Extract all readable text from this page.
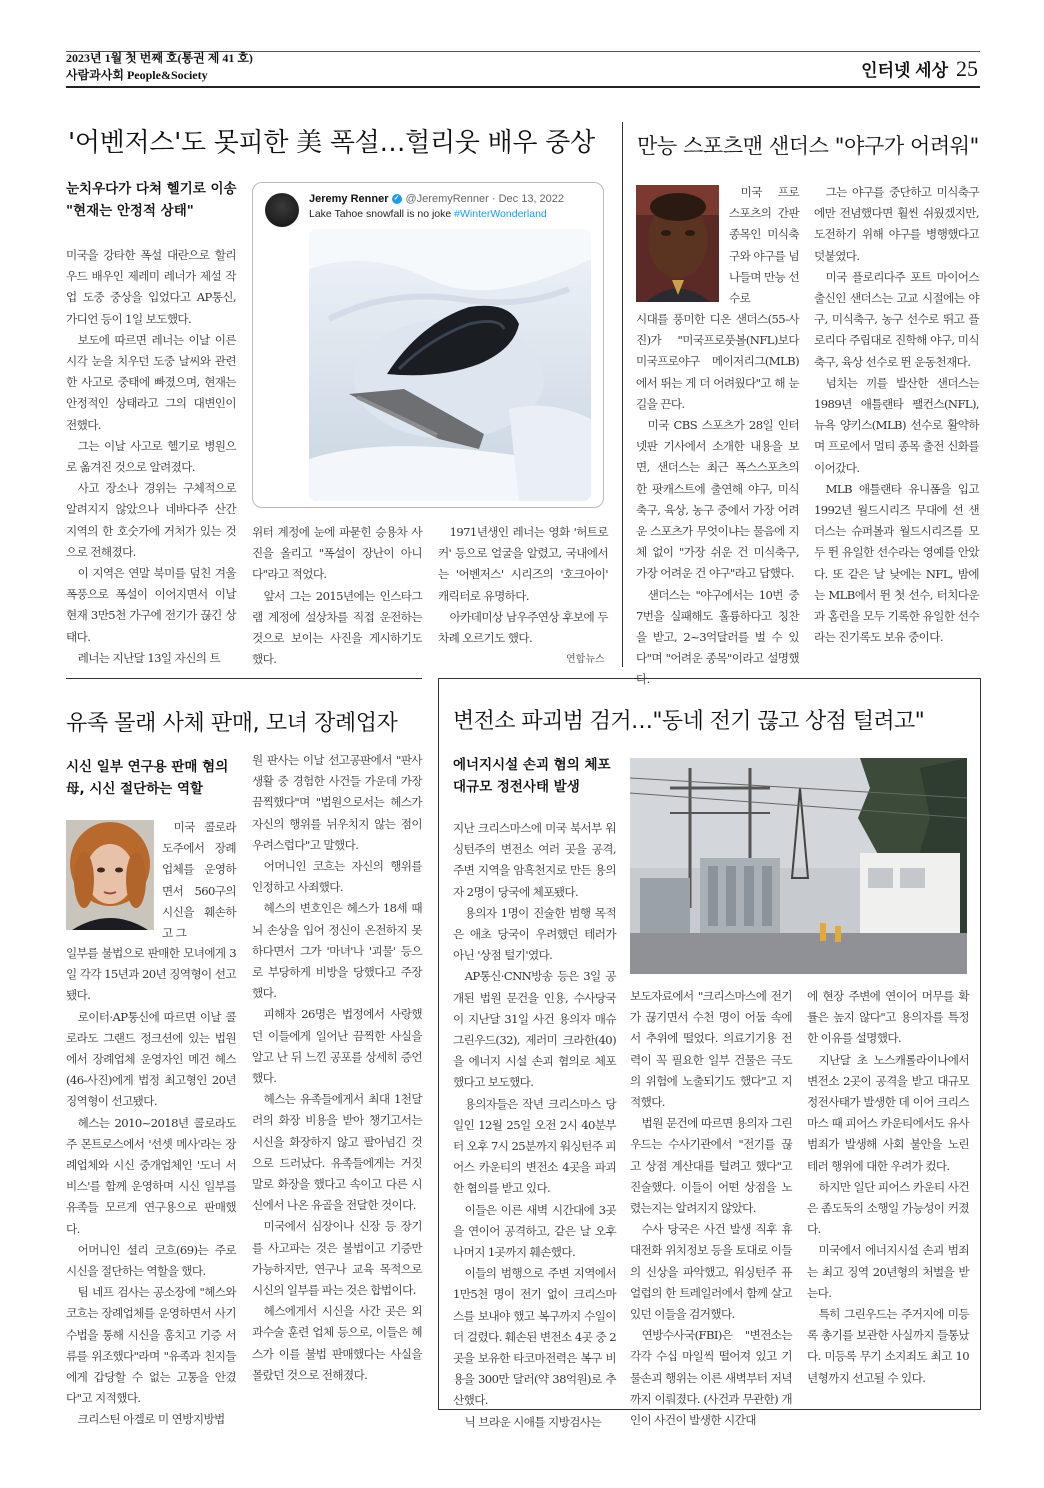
2023년 1월 첫 번째 호(통권 제 41 호)
사람과사회 People&Society	인터넷 세상 25
'어벤저스'도 못피한 美 폭설…헐리웃 배우 중상
눈치우다가 다쳐 헬기로 이송 "현재는 안정적 상태"

미국을 강타한 폭설 대란으로 할리우드 배우인 제레미 레너가 제설 작업 도중 중상을 입었다고 AP통신, 가디언 등이 1일 보도했다.

보도에 따르면 레너는 이날 이른 시각 눈을 치우던 도중 날씨와 관련한 사고로 중태에 빠졌으며, 현재는 안정적인 상태라고 그의 대변인이 전했다.

그는 이날 사고로 헬기로 병원으로 옮겨진 것으로 알려졌다.

사고 장소나 경위는 구체적으로 알려지지 않았으나 네바다주 산간 지역의 한 호숫가에 거처가 있는 것으로 전해졌다.

이 지역은 연말 북미를 덮친 겨울 폭풍으로 폭설이 이어지면서 이날 현재 3만5천 가구에 전기가 끊긴 상태다.

레너는 지난달 13일 자신의 트

Jeremy Renner ✓ @JeremyRenner · Dec 13, 2022
Lake Tahoe snowfall is no joke #WinterWonderland

위터 계정에 눈에 파묻힌 승용차 사진을 올리고 "폭설이 장난이 아니다"라고 적었다.

앞서 그는 2015년에는 인스타그램 계정에 설상차를 직접 운전하는 것으로 보이는 사진을 게시하기도 했다.

1971년생인 레너는 영화 '허트로커' 등으로 얼굴을 알렸고, 국내에서는 '어벤저스' 시리즈의 '호크아이' 캐릭터로 유명하다.

아카데미상 남우주연상 후보에 두차례 오르기도 했다.

연합뉴스
만능 스포츠맨 샌더스 "야구가 어려워"

미국 프로 스포츠의 간판 종목인 미식축구와 야구를 넘나들며 만능 선수로

시대를 풍미한 디온 샌더스(55-사진)가 "미국프로풋볼(NFL)보다 미국프로야구 메이저리그(MLB)에서 뛰는 게 더 어려웠다"고 해 눈길을 끈다.

미국 CBS 스포츠가 28일 인터넷판 기사에서 소개한 내용을 보면, 샌더스는 최근 폭스스포츠의 한 팟캐스트에 출연해 야구, 미식축구, 육상, 농구 중에서 가장 어려운 스포츠가 무엇이냐는 물음에 지체 없이 "가장 쉬운 건 미식축구, 가장 어려운 건 야구"라고 답했다.

샌더스는 "야구에서는 10번 중 7번을 실패해도 훌륭하다고 칭찬을 받고, 2~3억달러를 벌 수 있다"며 "어려운 종목"이라고 설명했다.

그는 야구를 중단하고 미식축구에만 전념했다면 훨씬 쉬웠겠지만, 도전하기 위해 야구를 병행했다고 덧붙였다.

미국 플로리다주 포트 마이어스 출신인 샌더스는 고교 시절에는 야구, 미식축구, 농구 선수로 뛰고 플로리다 주립대로 진학해 야구, 미식축구, 육상 선수로 뛴 운동천재다.

넘치는 끼를 발산한 샌더스는 1989년 애틀랜타 팰컨스(NFL), 뉴욕 양키스(MLB) 선수로 활약하며 프로에서 멀티 종목 출전 신화를 이어갔다.

MLB 애틀랜타 유니폼을 입고 1992년 월드시리즈 무대에 선 샌더스는 슈퍼볼과 월드시리즈를 모두 뛴 유일한 선수라는 영예를 안았다. 또 같은 날 낮에는 NFL, 밤에는 MLB에서 뛴 첫 선수, 터치다운과 홈런을 모두 기록한 유일한 선수라는 진기록도 보유 중이다.

유족 몰래 사체 판매, 모녀 장례업자
시신 일부 연구용 판매 혐의 母, 시신 절단하는 역할

미국 콜로라도주에서 장례업체를 운영하면서 560구의 시신을 훼손하고 그

일부를 불법으로 판매한 모녀에게 3일 각각 15년과 20년 징역형이 선고됐다.

로이터·AP통신에 따르면 이날 콜로라도 그랜드 정크션에 있는 법원에서 장례업체 운영자인 메건 헤스(46-사진)에게 법정 최고형인 20년 징역형이 선고됐다.

헤스는 2010~2018년 콜로라도주 몬트로스에서 '선셋 메사'라는 장례업체와 시신 중개업체인 '도너 서비스'를 함께 운영하며 시신 일부를 유족들 모르게 연구용으로 판매했다.

어머니인 셜리 코흐(69)는 주로 시신을 절단하는 역할을 했다.

팀 네프 검사는 공소장에 "헤스와 코흐는 장례업체를 운영하면서 사기 수법을 통해 시신을 훔치고 기증 서류를 위조했다"라며 "유족과 친지들에게 갑당할 수 없는 고통을 안겼다"고 지적했다.

크리스틴 아겔로 미 연방지방법

원 판사는 이날 선고공판에서 "판사 생활 중 경험한 사건들 가운데 가장 끔찍했다"며 "법원으로서는 헤스가 자신의 행위를 뉘우치지 않는 점이 우려스럽다"고 말했다.

어머니인 코흐는 자신의 행위를 인정하고 사죄했다.

헤스의 변호인은 헤스가 18세 때 뇌 손상을 입어 정신이 온전하지 못하다면서 그가 '마녀'나 '괴물' 등으로 부당하게 비방을 당했다고 주장했다.

피해자 26명은 법정에서 사랑했던 이들에게 일어난 끔찍한 사실을 알고 난 뒤 느낀 공포를 상세히 증언했다.

헤스는 유족들에게서 최대 1천달러의 화장 비용을 받아 챙기고서는 시신을 화장하지 않고 팔아넘긴 것으로 드러났다. 유족들에게는 거짓말로 화장을 했다고 속이고 다른 시신에서 나온 유골을 전달한 것이다.

미국에서 심장이나 신장 등 장기를 사고파는 것은 불법이고 기증만 가능하지만, 연구나 교육 목적으로 시신의 일부를 파는 것은 합법이다.

헤스에게서 시신을 사간 곳은 외과수술 훈련 업체 등으로, 이들은 헤스가 이를 불법 판매했다는 사실을 몰랐던 것으로 전해졌다.

변전소 파괴범 검거…"동네 전기 끊고 상점 털려고"
에너지시설 손괴 혐의 체포 대규모 정전사태 발생

지난 크리스마스에 미국 북서부 워싱턴주의 변전소 여러 곳을 공격, 주변 지역을 암흑천지로 만든 용의자 2명이 당국에 체포됐다.

용의자 1명이 진술한 범행 목적은 애초 당국이 우려했던 테러가 아닌 '상점 털기'였다.

AP통신·CNN방송 등은 3일 공개된 법원 문건을 인용, 수사당국이 지난달 31일 사건 용의자 매슈 그린우드(32), 제러미 크라한(40)을 에너지 시설 손괴 혐의로 체포했다고 보도했다.

용의자들은 작년 크리스마스 당일인 12월 25일 오전 2시 40분부터 오후 7시 25분까지 워싱턴주 피어스 카운티의 변전소 4곳을 파괴한 혐의를 받고 있다.

이들은 이른 새벽 시간대에 3곳을 연이어 공격하고, 같은 날 오후 나머지 1곳까지 훼손했다.

이들의 범행으로 주변 지역에서 1만5천 명이 전기 없이 크리스마스를 보내야 했고 복구까지 수일이 더 걸렸다. 훼손된 변전소 4곳 중 2곳을 보유한 타코마전력은 복구 비용을 300만 달러(약 38억원)로 추산했다.

닉 브라운 시애틀 지방검사는

보도자료에서 "크리스마스에 전기가 끊기면서 수천 명이 어둠 속에서 추위에 떨었다. 의료기기용 전력이 꼭 필요한 일부 건물은 극도의 위험에 노출되기도 했다"고 지적했다.

법원 문건에 따르면 용의자 그린우드는 수사기관에서 "전기를 끊고 상점 계산대를 털려고 했다"고 진술했다. 이들이 어떤 상점을 노렸는지는 알려지지 않았다.

수사 당국은 사건 발생 직후 휴대전화 위치정보 등을 토대로 이들의 신상을 파악했고, 워싱턴주 퓨얼럽의 한 트레일러에서 함께 살고 있던 이들을 검거했다.

연방수사국(FBI)은 "변전소는 각각 수십 마일씩 떨어져 있고 기물손괴 행위는 이른 새벽부터 저녁까지 이뤄졌다. (사건과 무관한) 개인이 사건이 발생한 시간대

에 현장 주변에 연이어 머무를 확률은 높지 않다"고 용의자를 특정한 이유를 설명했다.

지난달 초 노스캐롤라이나에서 변전소 2곳이 공격을 받고 대규모 정전사태가 발생한 데 이어 크리스마스 때 피어스 카운티에서도 유사 범죄가 발생해 사회 불안을 노린 테러 행위에 대한 우려가 컸다.

하지만 일단 피어스 카운티 사건은 좀도둑의 소행일 가능성이 커졌다.

미국에서 에너지시설 손괴 범죄는 최고 징역 20년형의 처벌을 받는다.

특히 그린우드는 주거지에 미등록 총기를 보관한 사실까지 들통났다. 미등록 무기 소지죄도 최고 10년형까지 선고될 수 있다.
